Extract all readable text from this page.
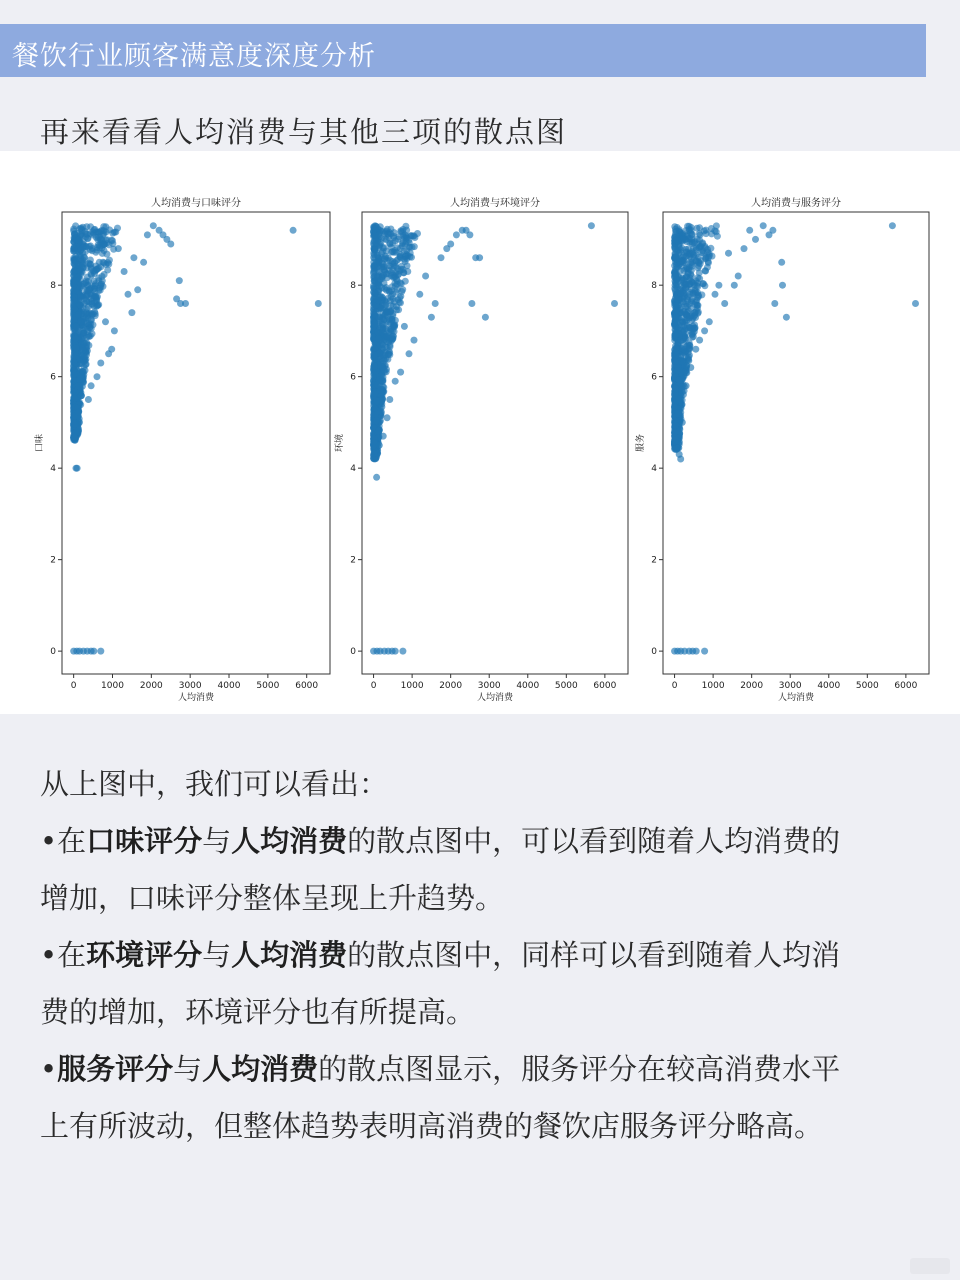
餐饮行业顾客满意度深度分析
再来看看人均消费与其他三项的散点图
人均消费与口味评分
0	1000 2000 3000 4000 5000 6000
0
2
4
6
8
人均消费
口味
人均消费与环境评分
0	1000 2000 3000 4000 5000 6000
0
2
4
6
8
人均消费
环境
人均消费与服务评分
0	1000 2000 3000 4000 5000 6000
0
2
4
6
8
人均消费
服务
从上图中，我们可以看出：
•在口味评分与人均消费的散点图中，可以看到随着人均消费的
增加，口味评分整体呈现上升趋势。
•在环境评分与人均消费的散点图中，同样可以看到随着人均消
费的增加，环境评分也有所提高。
•服务评分与人均消费的散点图显示，服务评分在较高消费水平
上有所波动，但整体趋势表明高消费的餐饮店服务评分略高。
